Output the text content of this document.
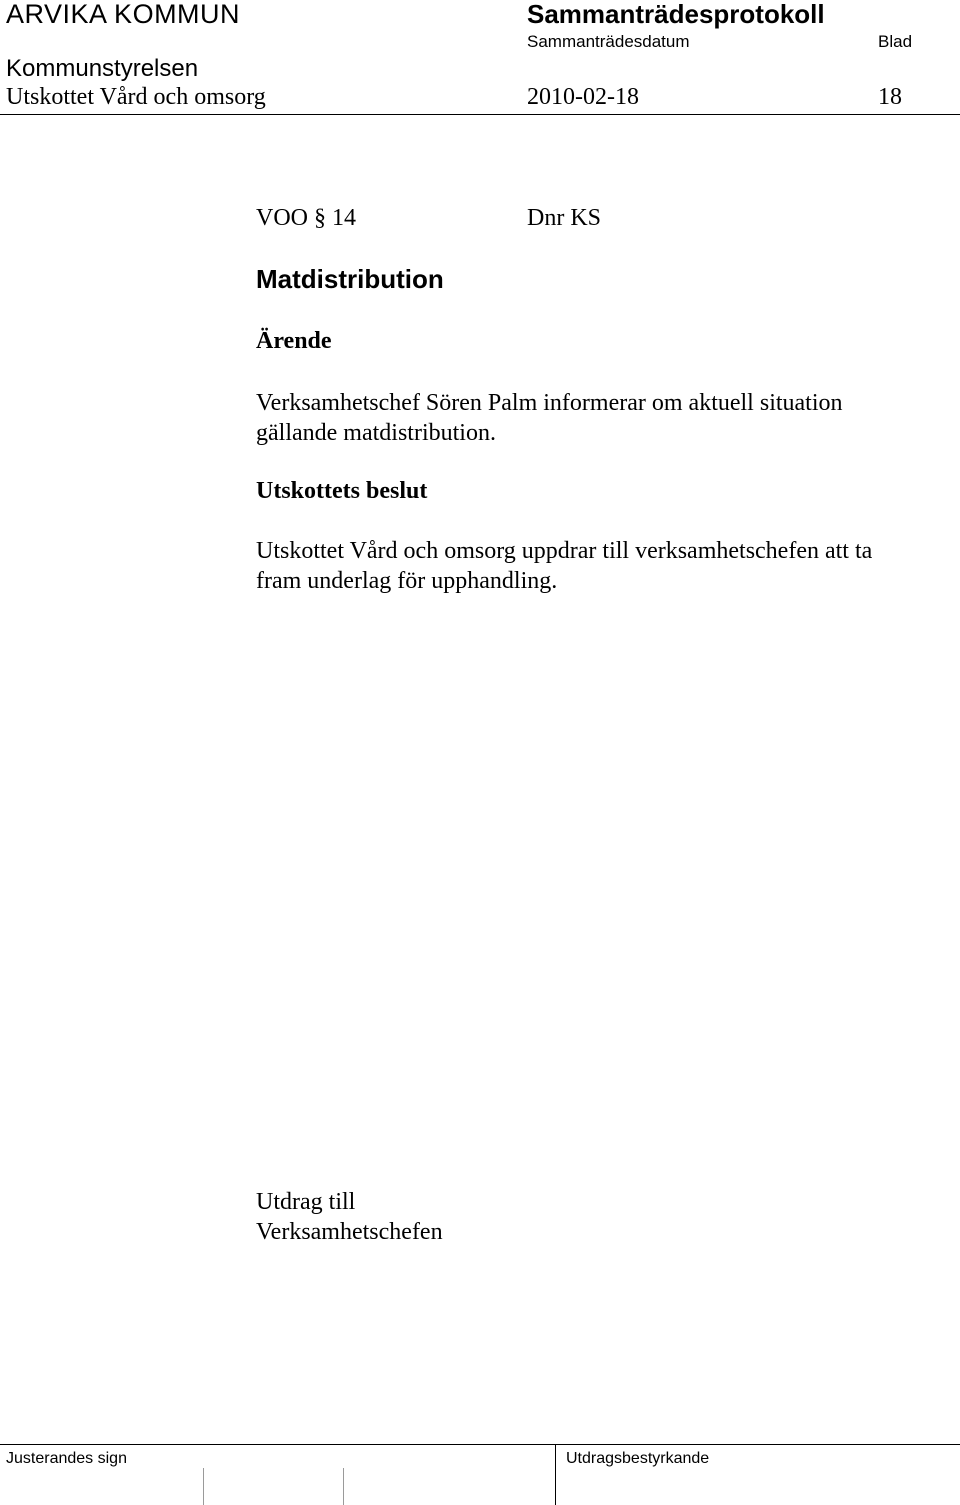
ARVIKA KOMMUN	Sammanträdesprotokoll
Sammanträdesdatum	Blad
Kommunstyrelsen
Utskottet Vård och omsorg	2010-02-18	18
VOO § 14	Dnr KS
Matdistribution
Ärende
Verksamhetschef Sören Palm informerar om aktuell situation
gällande matdistribution.
Utskottets beslut
Utskottet Vård och omsorg uppdrar till verksamhetschefen att ta
fram underlag för upphandling.
Utdrag till
Verksamhetschefen
Justerandes sign	Utdragsbestyrkande
